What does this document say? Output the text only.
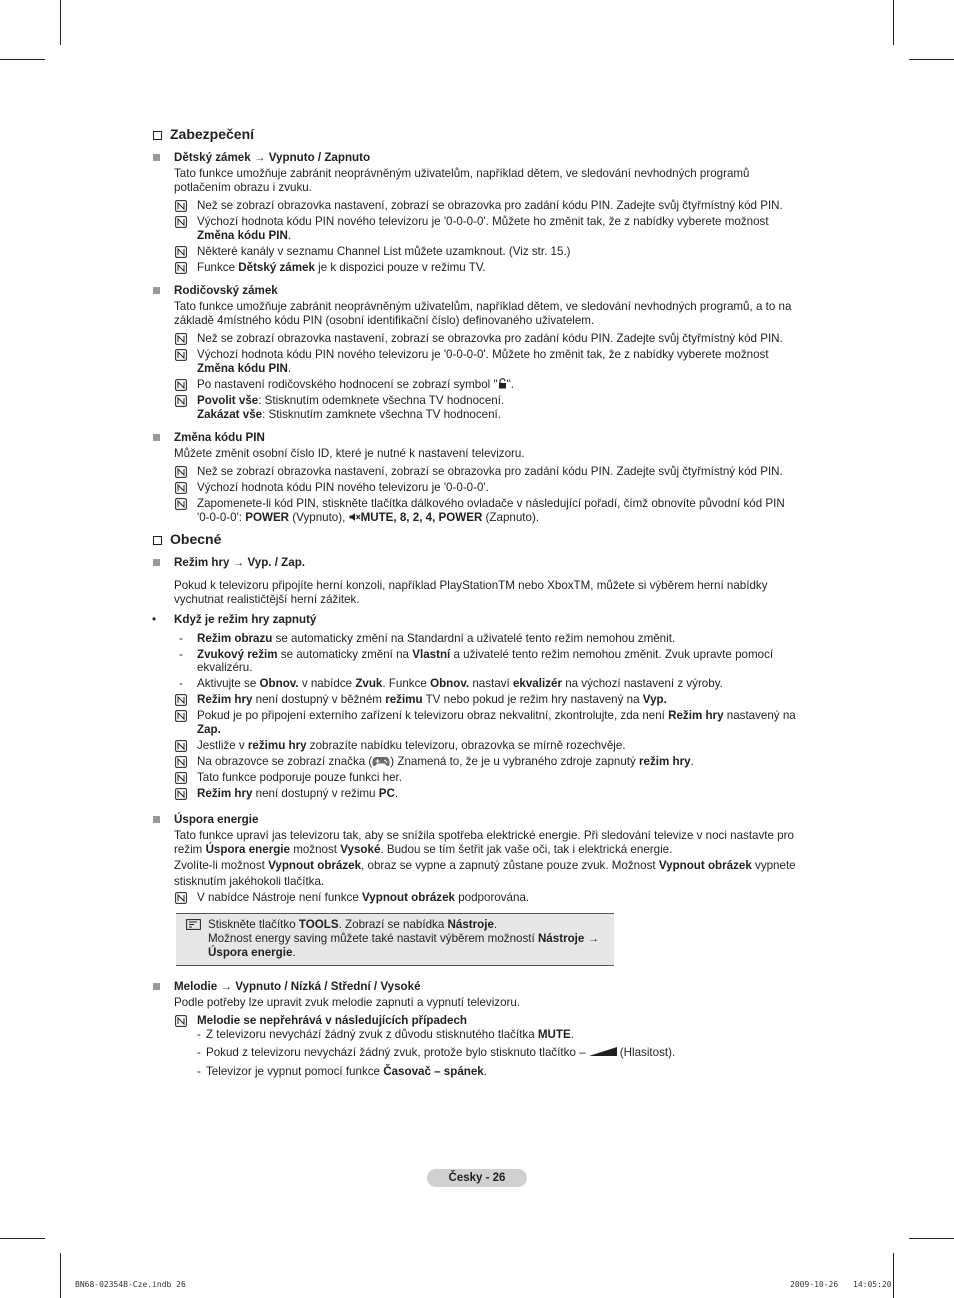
Zabezpečení
Dětský zámek → Vypnuto / Zapnuto
Tato funkce umožňuje zabránit neoprávněným uživatelům, například dětem, ve sledování nevhodných programů
potlačením obrazu i zvuku.
Než se zobrazí obrazovka nastavení, zobrazí se obrazovka pro zadání kódu PIN. Zadejte svůj čtyřmístný kód PIN.
Výchozí hodnota kódu PIN nového televizoru je '0-0-0-0'. Můžete ho změnit tak, že z nabídky vyberete možnost
Změna kódu PIN.
Některé kanály v seznamu Channel List můžete uzamknout. (Viz str. 15.)
Funkce Dětský zámek je k dispozici pouze v režimu TV.
Rodičovský zámek
Tato funkce umožňuje zabránit neoprávněným uživatelům, například dětem, ve sledování nevhodných programů, a to na
základě 4místného kódu PIN (osobní identifikační číslo) definovaného uživatelem.
Než se zobrazí obrazovka nastavení, zobrazí se obrazovka pro zadání kódu PIN. Zadejte svůj čtyřmístný kód PIN.
Výchozí hodnota kódu PIN nového televizoru je '0-0-0-0'. Můžete ho změnit tak, že z nabídky vyberete možnost
Změna kódu PIN.
Po nastavení rodičovského hodnocení se zobrazí symbol " ".
Povolit vše: Stisknutím odemknete všechna TV hodnocení.
Zakázat vše: Stisknutím zamknete všechna TV hodnocení.
Změna kódu PIN
Můžete změnit osobní číslo ID, které je nutné k nastavení televizoru.
Než se zobrazí obrazovka nastavení, zobrazí se obrazovka pro zadání kódu PIN. Zadejte svůj čtyřmístný kód PIN.
Výchozí hodnota kódu PIN nového televizoru je '0-0-0-0'.
Zapomenete-li kód PIN, stiskněte tlačítka dálkového ovladače v následující pořadí, čímž obnovíte původní kód PIN
'0-0-0-0': POWER (Vypnuto), MUTE, 8, 2, 4, POWER (Zapnuto).
Obecné
Režim hry → Vyp. / Zap.
Pokud k televizoru připojíte herní konzoli, například PlayStationTM nebo XboxTM, můžete si výběrem herní nabídky
vychutnat realističtější herní zážitek.
• Když je režim hry zapnutý
- Režim obrazu se automaticky změní na Standardní a uživatelé tento režim nemohou změnit.
- Zvukový režim se automaticky změní na Vlastní a uživatelé tento režim nemohou změnit. Zvuk upravte pomocí
ekvalizéru.
- Aktivujte se Obnov. v nabídce Zvuk. Funkce Obnov. nastaví ekvalizér na výchozí nastavení z výroby.
Režim hry není dostupný v běžném režimu TV nebo pokud je režim hry nastavený na Vyp.
Pokud je po připojení externího zařízení k televizoru obraz nekvalitní, zkontrolujte, zda není Režim hry nastavený na
Zap.
Jestliže v režimu hry zobrazíte nabídku televizoru, obrazovka se mírně rozechvěje.
Na obrazovce se zobrazí značka ( ) Znamená to, že je u vybraného zdroje zapnutý režim hry.
Tato funkce podporuje pouze funkci her.
Režim hry není dostupný v režimu PC.
Úspora energie
Tato funkce upraví jas televizoru tak, aby se snížila spotřeba elektrické energie. Při sledování televize v noci nastavte pro
režim Úspora energie možnost Vysoké. Budou se tím šetřit jak vaše oči, tak i elektrická energie.
Zvolíte-li možnost Vypnout obrázek, obraz se vypne a zapnutý zůstane pouze zvuk. Možnost Vypnout obrázek vypnete
stisknutím jakéhokoli tlačítka.
V nabídce Nástroje není funkce Vypnout obrázek podporována.
Stiskněte tlačítko TOOLS. Zobrazí se nabídka Nástroje.
Možnost energy saving můžete také nastavit výběrem možností Nástroje →
Úspora energie.
Melodie → Vypnuto / Nízká / Střední / Vysoké
Podle potřeby lze upravit zvuk melodie zapnutí a vypnutí televizoru.
Melodie se nepřehrává v následujících případech
- Z televizoru nevychází žádný zvuk z důvodu stisknutého tlačítka MUTE.
- Pokud z televizoru nevychází žádný zvuk, protože bylo stisknuto tlačítko –	(Hlasitost).
- Televizor je vypnut pomocí funkce Časovač – spánek.
Česky - 26
BN68-02354B-Cze.indb 26	2009-10-26 14:05:20
